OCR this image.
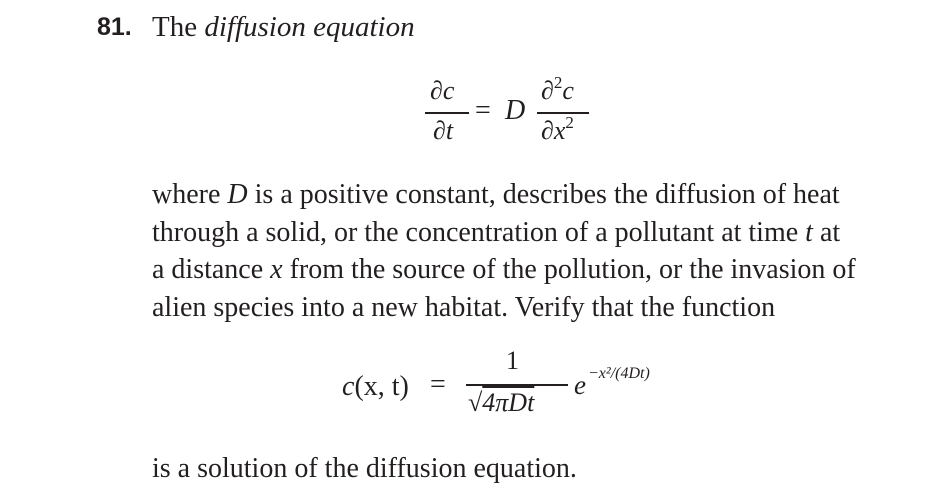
81. The diffusion equation
∂c
∂t
= D
∂$^2$c
$\partial x^2$

where D is a positive constant, describes the diffusion of heat

through a solid, or the concentration of a pollutant at time t at

a distance x from the source of the pollution, or the invasion of

alien species into a new habitat. Verify that the function

c(x, t) =
1
√4πDt
e −x²/(4Dt)
is a solution of the diffusion equation.
